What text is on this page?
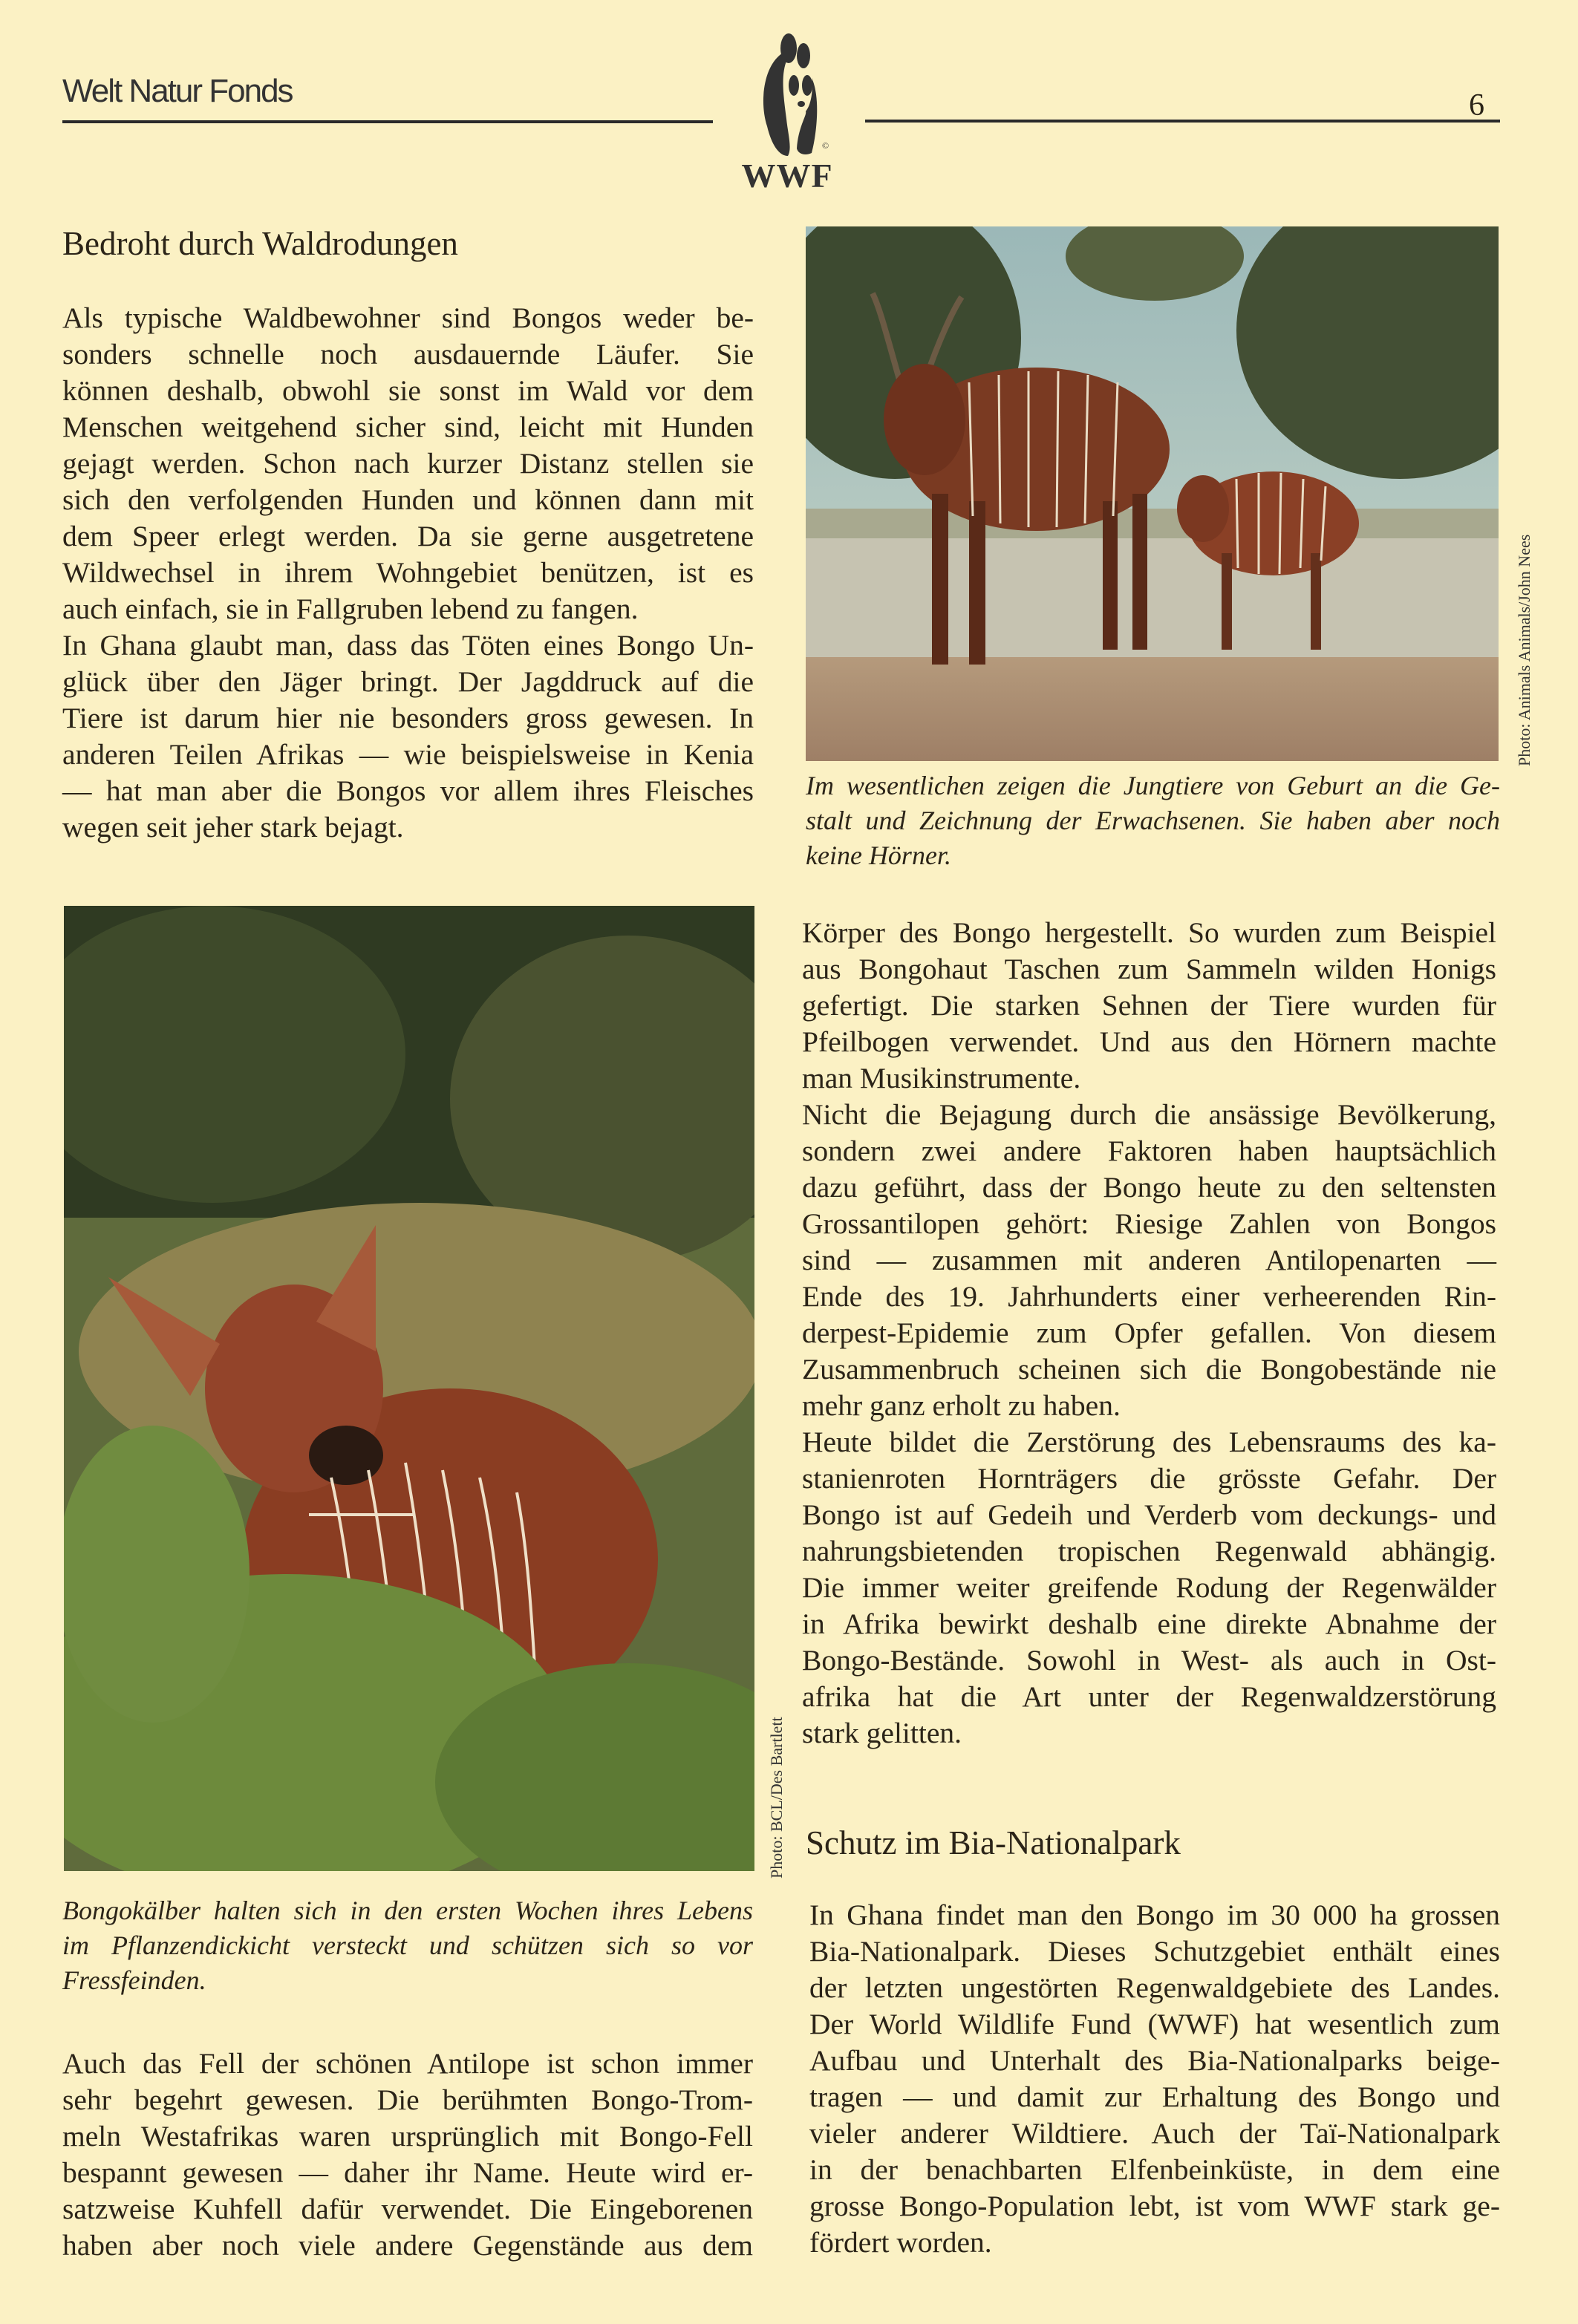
Welt Natur Fonds	6
©
WWF
Bedroht durch Waldrodungen
Als typische Waldbewohner sind Bongos weder be-
sonders schnelle noch ausdauernde Läufer. Sie
können deshalb, obwohl sie sonst im Wald vor dem
Menschen weitgehend sicher sind, leicht mit Hunden
gejagt werden. Schon nach kurzer Distanz stellen sie
sich den verfolgenden Hunden und können dann mit
dem Speer erlegt werden. Da sie gerne ausgetretene
Wildwechsel in ihrem Wohngebiet benützen, ist es
auch einfach, sie in Fallgruben lebend zu fangen.
In Ghana glaubt man, dass das Töten eines Bongo Un-
glück über den Jäger bringt. Der Jagddruck auf die
Tiere ist darum hier nie besonders gross gewesen. In
anderen Teilen Afrikas — wie beispielsweise in Kenia
— hat man aber die Bongos vor allem ihres Fleisches
wegen seit jeher stark bejagt.
Im wesentlichen zeigen die Jungtiere von Geburt an die Ge-
stalt und Zeichnung der Erwachsenen. Sie haben aber noch
keine Hörner.
Photo: Animals Animals/John Nees
Photo: BCL/Des Bartlett
Bongokälber halten sich in den ersten Wochen ihres Lebens
im Pflanzendickicht versteckt und schützen sich so vor
Fressfeinden.
Auch das Fell der schönen Antilope ist schon immer
sehr begehrt gewesen. Die berühmten Bongo-Trom-
meln Westafrikas waren ursprünglich mit Bongo-Fell
bespannt gewesen — daher ihr Name. Heute wird er-
satzweise Kuhfell dafür verwendet. Die Eingeborenen
haben aber noch viele andere Gegenstände aus dem
Körper des Bongo hergestellt. So wurden zum Beispiel
aus Bongohaut Taschen zum Sammeln wilden Honigs
gefertigt. Die starken Sehnen der Tiere wurden für
Pfeilbogen verwendet. Und aus den Hörnern machte
man Musikinstrumente.
Nicht die Bejagung durch die ansässige Bevölkerung,
sondern zwei andere Faktoren haben hauptsächlich
dazu geführt, dass der Bongo heute zu den seltensten
Grossantilopen gehört: Riesige Zahlen von Bongos
sind — zusammen mit anderen Antilopenarten —
Ende des 19. Jahrhunderts einer verheerenden Rin-
derpest-Epidemie zum Opfer gefallen. Von diesem
Zusammenbruch scheinen sich die Bongobestände nie
mehr ganz erholt zu haben.
Heute bildet die Zerstörung des Lebensraums des ka-
stanienroten Hornträgers die grösste Gefahr. Der
Bongo ist auf Gedeih und Verderb vom deckungs- und
nahrungsbietenden tropischen Regenwald abhängig.
Die immer weiter greifende Rodung der Regenwälder
in Afrika bewirkt deshalb eine direkte Abnahme der
Bongo-Bestände. Sowohl in West- als auch in Ost-
afrika hat die Art unter der Regenwaldzerstörung
stark gelitten.
Schutz im Bia-Nationalpark
In Ghana findet man den Bongo im 30 000 ha grossen
Bia-Nationalpark. Dieses Schutzgebiet enthält eines
der letzten ungestörten Regenwaldgebiete des Landes.
Der World Wildlife Fund (WWF) hat wesentlich zum
Aufbau und Unterhalt des Bia-Nationalparks beige-
tragen — und damit zur Erhaltung des Bongo und
vieler anderer Wildtiere. Auch der Taï-Nationalpark
in der benachbarten Elfenbeinküste, in dem eine
grosse Bongo-Population lebt, ist vom WWF stark ge-
fördert worden.
